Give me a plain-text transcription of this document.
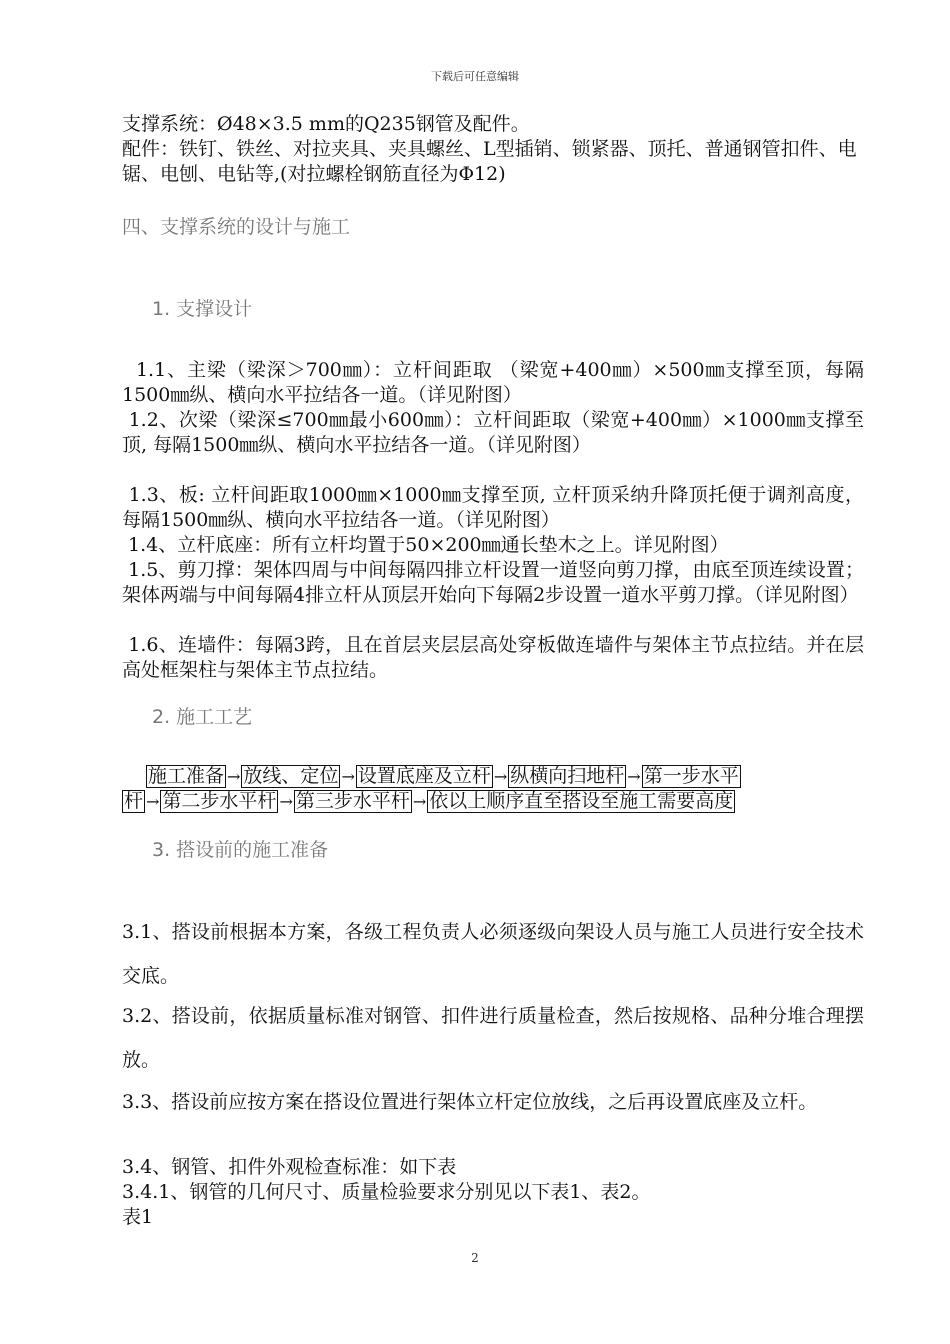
下载后可任意编辑

支撑系统：Ø48×3.5 mm的Q235钢管及配件。

配件：铁钉、铁丝、对拉夹具、夹具螺丝、L型插销、锁紧器、顶托、普通钢管扣件、电锯、电刨、电钻等,(对拉螺栓钢筋直径为Φ12)

四、支撑系统的设计与施工

1. 支撑设计

1.1、主梁（梁深＞700㎜）：立杆间距取 （梁宽+400㎜）×500㎜支撑至顶，每隔1500㎜纵、横向水平拉结各一道。（详见附图）

1.2、次梁（梁深≤700㎜最小600㎜）：立杆间距取（梁宽+400㎜）×1000㎜支撑至顶, 每隔1500㎜纵、横向水平拉结各一道。（详见附图）

1.3、板: 立杆间距取1000㎜×1000㎜支撑至顶, 立杆顶采纳升降顶托便于调剂高度，每隔1500㎜纵、横向水平拉结各一道。（详见附图）

1.4、立杆底座：所有立杆均置于50×200㎜通长垫木之上。详见附图）

1.5、剪刀撑：架体四周与中间每隔四排立杆设置一道竖向剪刀撑，由底至顶连续设置；架体两端与中间每隔4排立杆从顶层开始向下每隔2步设置一道水平剪刀撑。（详见附图）

1.6、连墙件：每隔3跨，且在首层夹层层高处穿板做连墙件与架体主节点拉结。并在层高处框架柱与架体主节点拉结。

2. 施工工艺

施工准备 → 放线、定位 → 设置底座及立杆 → 纵横向扫地杆 → 第一步水平
杆 → 第二步水平杆 → 第三步水平杆 → 依以上顺序直至搭设至施工需要高度

3. 搭设前的施工准备

3.1、搭设前根据本方案，各级工程负责人必须逐级向架设人员与施工人员进行安全技术交底。

3.2、搭设前，依据质量标准对钢管、扣件进行质量检查，然后按规格、品种分堆合理摆放。

3.3、搭设前应按方案在搭设位置进行架体立杆定位放线，之后再设置底座及立杆。

3.4、钢管、扣件外观检查标准：如下表

3.4.1、钢管的几何尺寸、质量检验要求分别见以下表1、表2。

表1

2
